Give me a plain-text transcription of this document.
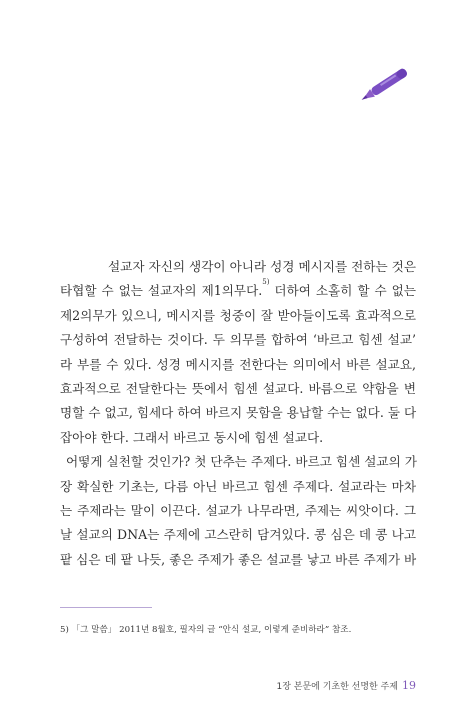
설교자 자신의 생각이 아니라 성경 메시지를 전하는 것은
타협할 수 없는 설교자의 제1의무다.$^{5)}$ 더하여 소홀히 할 수 없는
제2의무가 있으니, 메시지를 청중이 잘 받아들이도록 효과적으로
구성하여 전달하는 것이다. 두 의무를 합하여 ‘바르고 힘센 설교’
라 부를 수 있다. 성경 메시지를 전한다는 의미에서 바른 설교요,
효과적으로 전달한다는 뜻에서 힘센 설교다. 바름으로 약함을 변
명할 수 없고, 힘세다 하여 바르지 못함을 용납할 수는 없다. 둘 다
잡아야 한다. 그래서 바르고 동시에 힘센 설교다.
어떻게 실천할 것인가? 첫 단추는 주제다. 바르고 힘센 설교의 가
장 확실한 기초는, 다름 아닌 바르고 힘센 주제다. 설교라는 마차
는 주제라는 말이 이끈다. 설교가 나무라면, 주제는 씨앗이다. 그
날 설교의 DNA는 주제에 고스란히 담겨있다. 콩 심은 데 콩 나고
팥 심은 데 팥 나듯, 좋은 주제가 좋은 설교를 낳고 바른 주제가 바
5) 「그 말씀」 2011년 8월호, 필자의 글 “안식 설교, 이렇게 준비하라” 참조.
1장 본문에 기초한 선명한 주제 19
